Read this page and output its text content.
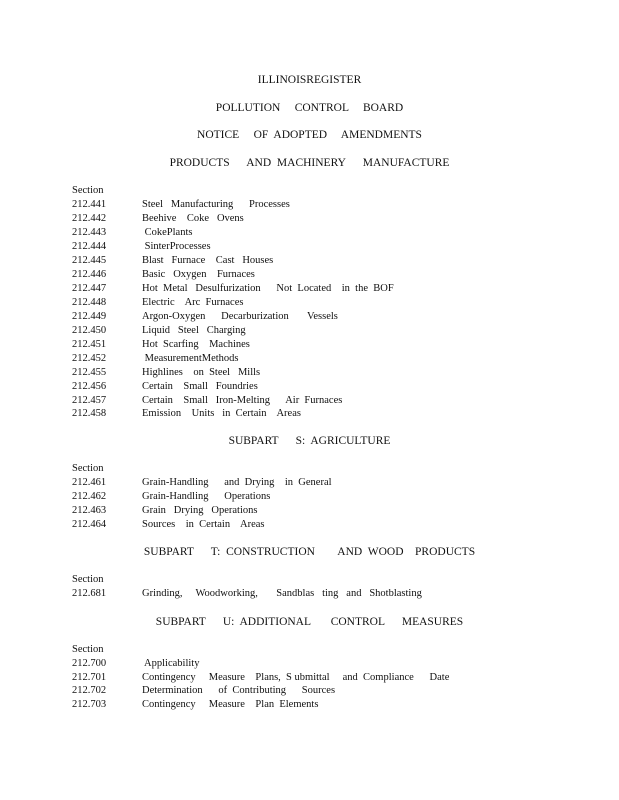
ILLINOISREGISTER
POLLUTION     CONTROL     BOARD
NOTICE     OF  ADOPTED     AMENDMENTS
PRODUCTS      AND  MACHINERY      MANUFACTURE
Section
212.441	Steel   Manufacturing      Processes
212.442	Beehive    Coke   Ovens
212.443	CokePlants
212.444	SinterProcesses
212.445	Blast   Furnace    Cast   Houses
212.446	Basic   Oxygen    Furnaces
212.447	Hot  Metal   Desulfurization      Not  Located    in  the  BOF
212.448	Electric    Arc  Furnaces
212.449	Argon-Oxygen      Decarburization       Vessels
212.450	Liquid   Steel   Charging
212.451	Hot  Scarfing    Machines
212.452	MeasurementMethods
212.455	Highlines    on  Steel   Mills
212.456	Certain    Small   Foundries
212.457	Certain    Small   Iron-Melting      Air  Furnaces
212.458	Emission    Units   in  Certain    Areas
SUBPART      S:  AGRICULTURE
Section
212.461	Grain-Handling      and  Drying    in  General
212.462	Grain-Handling      Operations
212.463	Grain   Drying   Operations
212.464	Sources    in  Certain    Areas
SUBPART      T:  CONSTRUCTION        AND  WOOD    PRODUCTS
Section
212.681	Grinding,     Woodworking,       Sandblas   ting   and   Shotblasting
SUBPART      U:  ADDITIONAL       CONTROL      MEASURES
Section
212.700	Applicability
212.701	Contingency     Measure    Plans,  S ubmittal     and  Compliance      Date
212.702	Determination      of  Contributing      Sources
212.703	Contingency     Measure    Plan  Elements
